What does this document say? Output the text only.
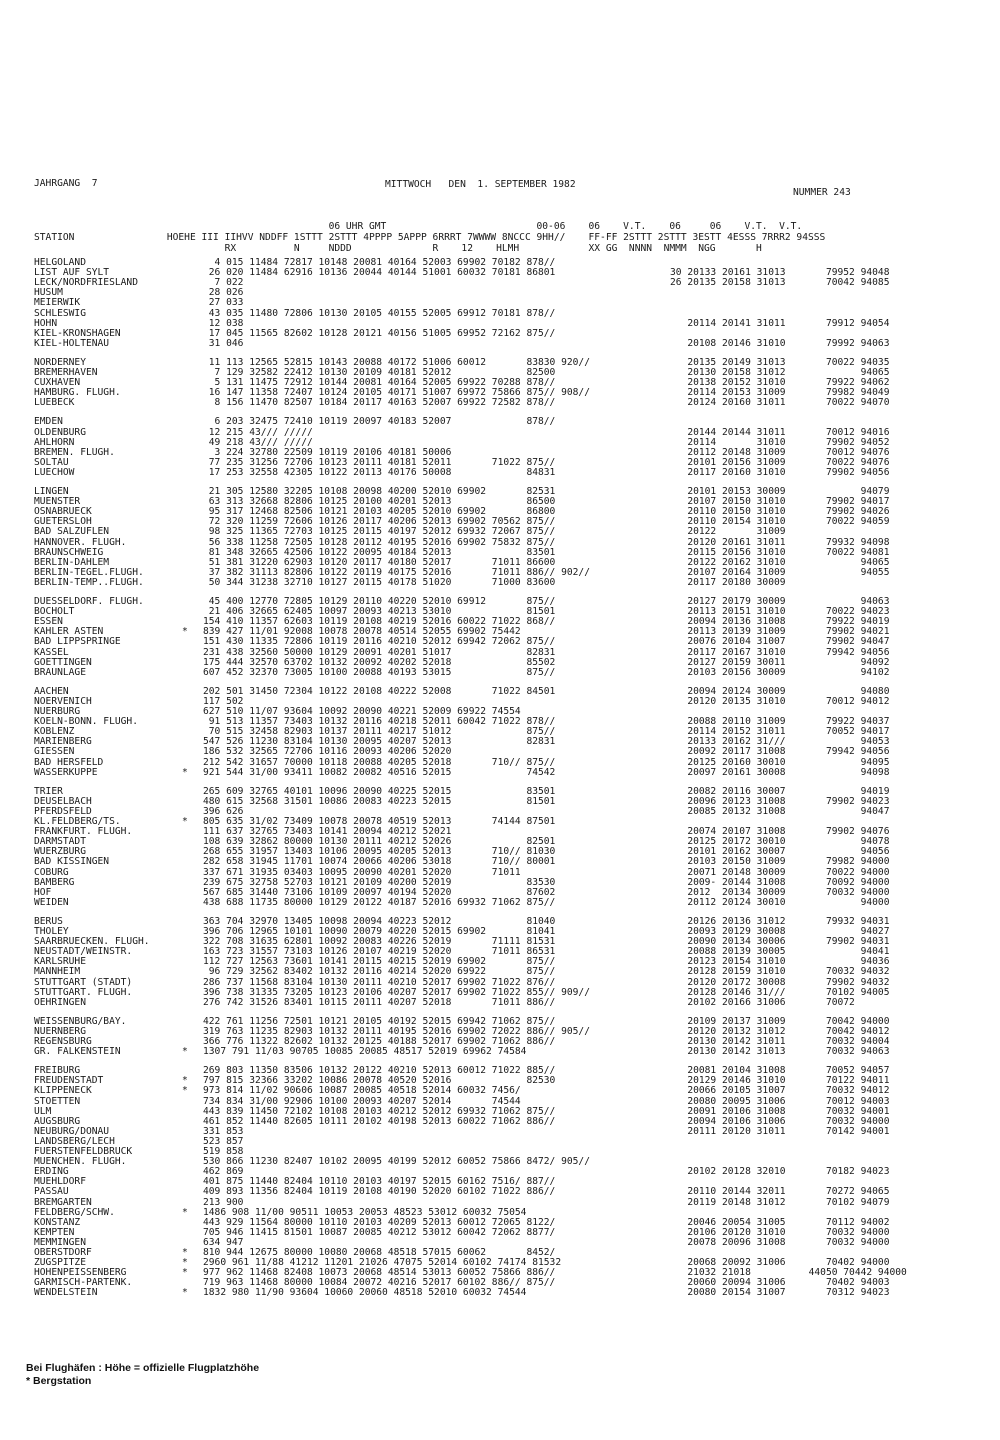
JAHRGANG  7	MITTWOCH   DEN  1. SEPTEMBER 1982
NUMMER 243
06 UHR GMT                          00-06    06    V.T.    06     06    V.T.  V.T.
STATION                HOEHE III IIHVV NDDFF 1STTT 2STTT 4PPPP 5APPP 6RRRT 7WWWW 8NCCC 9HH//    FF-FF 2STTT 2STTT 3ESTT 4ESSS 7RRR2 94SSS
RX          N     NDDD              R    12    HLMH            XX GG  NNNN  NMMM  NGG       H
HELGOLAND	4 015 11484 72817 10148 20081 40164 52003 69902 70182 878//

LIST AUF SYLT	26 020 11484 62916 10136 20044 40144 51001 60032 70181 86801	30 20133 20161 31013       79952 94048
LECK/NORDFRIESLAND	7 022	26 20135 20158 31013       70042 94085
HUSUM	28 026
MEIERWIK	27 033
SCHLESWIG	43 035 11480 72806 10130 20105 40155 52005 69912 70181 878//
HOHN	12 038	20114 20141 31011       79912 94054
KIEL-KRONSHAGEN	17 045 11565 82602 10128 20121 40156 51005 69952 72162 875//
KIEL-HOLTENAU	31 046	20108 20146 31010       79992 94063
NORDERNEY	11 113 12565 52815 10143 20088 40172 51006 60012       83830 920//	20135 20149 31013       70022 94035
BREMERHAVEN	7 129 32582 22412 10130 20109 40181 52012             82500	20130 20158 31012             94065
CUXHAVEN	5 131 11475 72912 10144 20081 40164 52005 69922 70288 878//	20138 20152 31010       79922 94062
HAMBURG. FLUGH.	16 147 11358 72407 10124 20105 40171 51007 69972 75866 875// 908//	20114 20153 31009       79982 94049
LUEBECK	8 156 11470 82507 10184 20117 40163 52007 69922 72582 878//	20124 20160 31011       70022 94070
EMDEN	6 203 32475 72410 10119 20097 40183 52007             878//
OLDENBURG	12 215 43/// /////	20144 20144 31011       70012 94016
AHLHORN	49 218 43/// /////	20114       31010       79902 94052
BREMEN. FLUGH.	3 224 32780 22509 10119 20106 40181 50006	20112 20148 31009       70012 94076
SOLTAU	77 235 31256 72706 10123 20111 40181 52011       71022 875//	20101 20156 31009       70022 94076
LUECHOW	17 253 32558 42305 10122 20113 40176 50008             84831	20117 20160 31010       79902 94056
LINGEN	21 305 12580 32205 10108 20098 40200 52010 69902       82531	20101 20153 30009             94079
MUENSTER	63 313 32668 82806 10125 20100 40201 52013             86500	20107 20150 31010       79902 94017
OSNABRUECK	95 317 12468 82506 10121 20103 40205 52010 69902       86800	20110 20150 31010       79902 94026
GUETERSLOH	72 320 11259 72606 10126 20117 40206 52013 69902 70562 875//	20110 20154 31010       70022 94059
BAD SALZUFLEN	98 325 11365 72703 10125 20115 40197 52012 69932 72067 875//	20122       31009
HANNOVER. FLUGH.	56 338 11258 72505 10128 20112 40195 52016 69902 75832 875//	20120 20161 31011       79932 94098
BRAUNSCHWEIG	81 348 32665 42506 10122 20095 40184 52013             83501	20115 20156 31010       70022 94081
BERLIN-DAHLEM	51 381 31220 62903 10120 20117 40180 52017       71011 86600	20122 20162 31010             94065
BERLIN-TEGEL.FLUGH.	37 382 31113 82806 10122 20119 40175 52016       71011 886// 902//	20107 20164 31009             94055
BERLIN-TEMP..FLUGH.	50 344 31238 32710 10127 20115 40178 51020       71000 83600	20117 20180 30009
DUESSELDORF. FLUGH.	45 400 12770 72805 10129 20110 40220 52010 69912       875//	20127 20179 30009             94063
BOCHOLT	21 406 32665 62405 10097 20093 40213 53010             81501	20113 20151 31010       70022 94023
ESSEN	154 410 11357 62603 10119 20108 40219 52016 60022 71022 868//	20094 20136 31008       79922 94019
KAHLER ASTEN	* 839 427 11/01 92008 10078 20078 40514 52055 69902 75442	20113 20139 31009       79902 94021
BAD LIPPSPRINGE	151 430 11335 72806 10119 20116 40210 52012 69942 72062 875//	20076 20104 31007       79902 94047
KASSEL	231 438 32560 50000 10129 20091 40201 51017             82831	20117 20167 31010       79942 94056
GOETTINGEN	175 444 32570 63702 10132 20092 40202 52018             85502	20127 20159 30011             94092
BRAUNLAGE	607 452 32370 73005 10100 20088 40193 53015             875//	20103 20156 30009             94102
AACHEN	202 501 31450 72304 10122 20108 40222 52008       71022 84501	20094 20124 30009             94080
NOERVENICH	117 502	20120 20135 31010       70012 94012
NUERBURG	627 510 11/07 93604 10092 20090 40221 52009 69922 74554
KOELN-BONN. FLUGH.	91 513 11357 73403 10132 20116 40218 52011 60042 71022 878//	20088 20110 31009       79922 94037
KOBLENZ	70 515 32458 82903 10137 20111 40217 51012             875//	20114 20152 31011       70052 94017
MARIENBERG	547 526 11230 83104 10130 20095 40207 52013             82831	20133 20162 31///             94053
GIESSEN	186 532 32565 72706 10116 20093 40206 52020	20092 20117 31008       79942 94056
BAD HERSFELD	212 542 31657 70000 10118 20088 40205 52018       710// 875//	20125 20160 30010             94095
WASSERKUPPE	* 921 544 31/00 93411 10082 20082 40516 52015             74542	20097 20161 30008             94098
TRIER	265 609 32765 40101 10096 20090 40225 52015             83501	20082 20116 30007             94019
DEUSELBACH	480 615 32568 31501 10086 20083 40223 52015             81501	20096 20123 31008       79902 94023
PFERDSFELD	396 626	20085 20132 31008             94047
KL.FELDBERG/TS.	* 805 635 31/02 73409 10078 20078 40519 52013       74144 87501
FRANKFURT. FLUGH.	111 637 32765 73403 10141 20094 40212 52021	20074 20107 31008       79902 94076
DARMSTADT	108 639 32862 80000 10130 20111 40212 52026             82501	20125 20172 30010             94078
WUERZBURG	268 655 31957 13403 10106 20095 40205 52013       710// 81030	20101 20162 30007             94056
BAD KISSINGEN	282 658 31945 11701 10074 20066 40206 53018       710// 80001	20103 20150 31009       79982 94000
COBURG	337 671 31935 03403 10095 20090 40201 52020       71011	20071 20148 30009       70022 94000
BAMBERG	239 675 32758 52703 10121 20109 40200 52019             83530	2009- 20144 31008       70092 94000
HOF	567 685 31440 73106 10109 20097 40194 52020             87602	2012  20134 30009       70032 94000
WEIDEN	438 688 11735 80000 10129 20122 40187 52016 69932 71062 875//	20112 20124 30010             94000
BERUS	363 704 32970 13405 10098 20094 40223 52012             81040	20126 20136 31012       79932 94031
THOLEY	396 706 12965 10101 10090 20079 40220 52015 69902       81041	20093 20129 30008             94027
SAARBRUECKEN. FLUGH.	322 708 31635 62801 10092 20083 40226 52019       71111 81531	20090 20134 30006       79902 94031
NEUSTADT/WEINSTR.	163 723 31557 73103 10126 20107 40219 52020       71011 86531	20088 20139 30005             94041
KARLSRUHE	112 727 12563 73601 10141 20115 40215 52019 69902       875//	20123 20154 31010             94036
MANNHEIM	96 729 32562 83402 10132 20116 40214 52020 69922       875//	20128 20159 31010       70032 94032
STUTTGART (STADT)	286 737 11568 83104 10130 20111 40210 52017 69902 71022 876//	20120 20172 30008       79902 94032
STUTTGART. FLUGH.	396 738 31335 73205 10123 20106 40207 52017 69902 71022 855// 909//	20128 20146 31///       70102 94005
OEHRINGEN	276 742 31526 83401 10115 20111 40207 52018       71011 886//	20102 20166 31006       70072
WEISSENBURG/BAY.	422 761 11256 72501 10121 20105 40192 52015 69942 71062 875//	20109 20137 31009       70042 94000
NUERNBERG	319 763 11235 82903 10132 20111 40195 52016 69902 72022 886// 905//	20120 20132 31012       70042 94012
REGENSBURG	366 776 11322 82602 10132 20125 40188 52017 69902 71062 886//	20130 20142 31011       70032 94004
GR. FALKENSTEIN	* 1307 791 11/03 90705 10085 20085 48517 52019 69962 74584	20130 20142 31013       70032 94063
FREIBURG	269 803 11350 83506 10132 20122 40210 52013 60012 71022 885//	20081 20104 31008       70052 94057
FREUDENSTADT	* 797 815 32366 33202 10086 20078 40520 52016             82530	20129 20146 31010       70122 94011
KLIPPENECK	* 973 814 11/02 90606 10087 20085 40518 52014 60032 7456/	20066 20105 31007       70032 94012
STOETTEN	734 834 31/00 92906 10100 20093 40207 52014       74544	20080 20095 31006       70012 94003
ULM	443 839 11450 72102 10108 20103 40212 52012 69932 71062 875//	20091 20106 31008       70032 94001
AUGSBURG	461 852 11440 82605 10111 20102 40198 52013 60022 71062 886//	20094 20106 31006       70032 94000
NEUBURG/DONAU	331 853	20111 20120 31011       70142 94001
LANDSBERG/LECH	523 857
FUERSTENFELDBRUCK	519 858
MUENCHEN. FLUGH.	530 866 11230 82407 10102 20095 40199 52012 60052 75866 8472/ 905//
ERDING	462 869	20102 20128 32010       70182 94023
MUEHLDORF	401 875 11440 82404 10110 20103 40197 52015 60162 7516/ 887//
PASSAU	409 893 11356 82404 10119 20108 40190 52020 60102 71022 886//	20110 20144 32011       70272 94065
BREMGARTEN	213 900	20119 20148 31012       70102 94079
FELDBERG/SCHW.	* 1486 908 11/00 90511 10053 20053 48523 53012 60032 75054
KONSTANZ	443 929 11564 80000 10110 20103 40209 52013 60012 72065 8122/	20046 20054 31005       70112 94002
KEMPTEN	705 946 11415 81501 10087 20085 40212 53012 60042 72062 8877/	20106 20120 31010       70032 94000
MEMMINGEN	634 947	20078 20096 31008       70032 94000
OBERSTDORF	* 810 944 12675 80000 10080 20068 48518 57015 60062       8452/
ZUGSPITZE	* 2960 961 11/88 41212 11201 21026 47075 52014 60102 74174 81532	20068 20092 31006       70402 94000
HOHENPEISSENBERG	* 977 962 11468 82408 10073 20068 48514 53013 60052 75866 886//	21032 21018          44050 70442 94000
GARMISCH-PARTENK.	719 963 11468 80000 10084 20072 40216 52017 60102 886// 875//	20060 20094 31006       70402 94003
WENDELSTEIN	* 1832 980 11/90 93604 10060 20060 48518 52010 60032 74544	20080 20154 31007       70312 94023
Bei Flughäfen : Höhe = offizielle Flugplatzhöhe
* Bergstation
